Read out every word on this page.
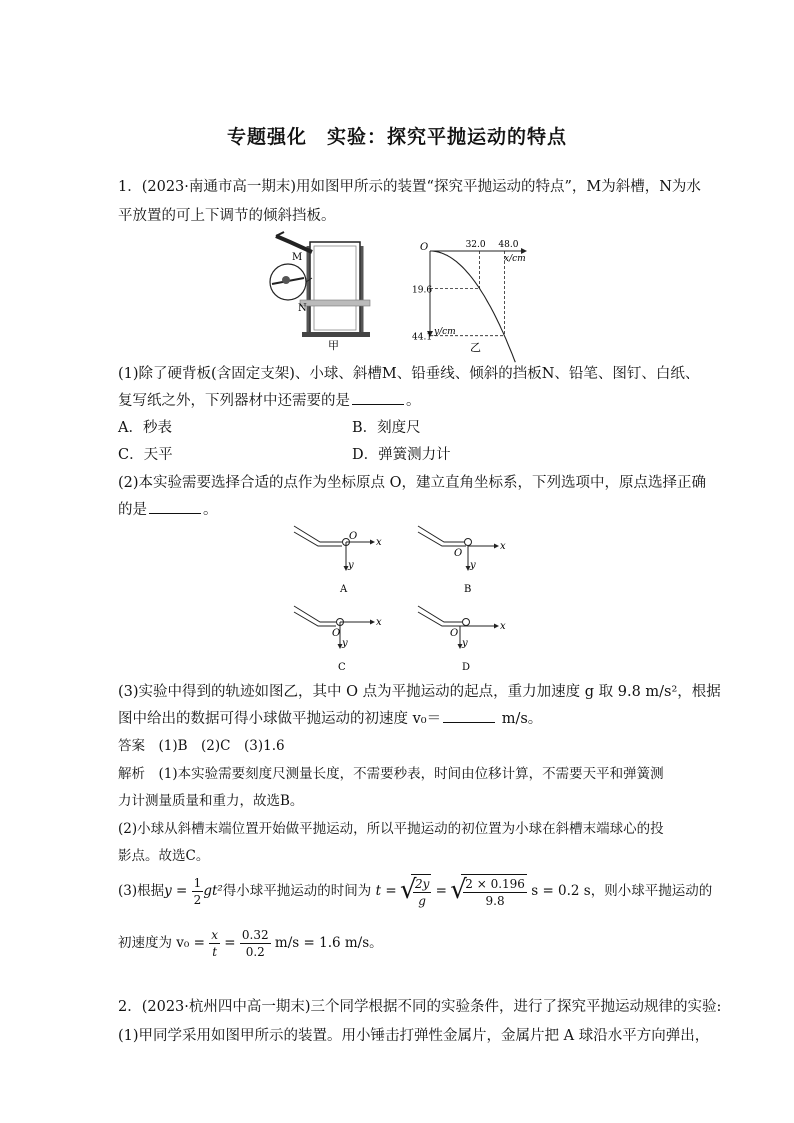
专题强化　实验：探究平抛运动的特点
1．(2023·南通市高一期末)用如图甲所示的装置“探究平抛运动的特点”，M为斜槽，N为水
平放置的可上下调节的倾斜挡板。
M
N
甲
O
x/cm
y/cm
32.0 48.0
19.6
44.1
乙
(1)除了硬背板(含固定支架)、小球、斜槽M、铅垂线、倾斜的挡板N、铅笔、图钉、白纸、
复写纸之外，下列器材中还需要的是	。
A．秒表	B．刻度尺
C．天平	D．弹簧测力计
(2)本实验需要选择合适的点作为坐标原点 O，建立直角坐标系，下列选项中，原点选择正确
的是	。
O
x
y
A
O
x
y
B
O
x
y
C
O
x
y
D
(3)实验中得到的轨迹如图乙，其中 O 点为平抛运动的起点，重力加速度 g 取 9.8 m/s²，根据
图中给出的数据可得小球做平抛运动的初速度 v₀＝	m/s。
答案　(1)B　(2)C　(3)1.6
解析　(1)本实验需要刻度尺测量长度，不需要秒表，时间由位移计算，不需要天平和弹簧测
力计测量质量和重力，故选B。
(2)小球从斜槽末端位置开始做平抛运动，所以平抛运动的初位置为小球在斜槽末端球心的投
影点。故选C。
(3)根据$y = \frac{1}{2} gt^2$得小球平抛运动的时间为 t = √ $\frac{2y}{g}$ = √ $\frac{2 \times 0.196}{9.8}$ s = 0.2 s，则小球平抛运动的
初速度为 $v_0 = \frac{x}{t} = \frac{0.32}{0.2} m/s = 1.6$ m/s。
2．(2023·杭州四中高一期末)三个同学根据不同的实验条件，进行了探究平抛运动规律的实验:
(1)甲同学采用如图甲所示的装置。用小锤击打弹性金属片，金属片把 A 球沿水平方向弹出，
